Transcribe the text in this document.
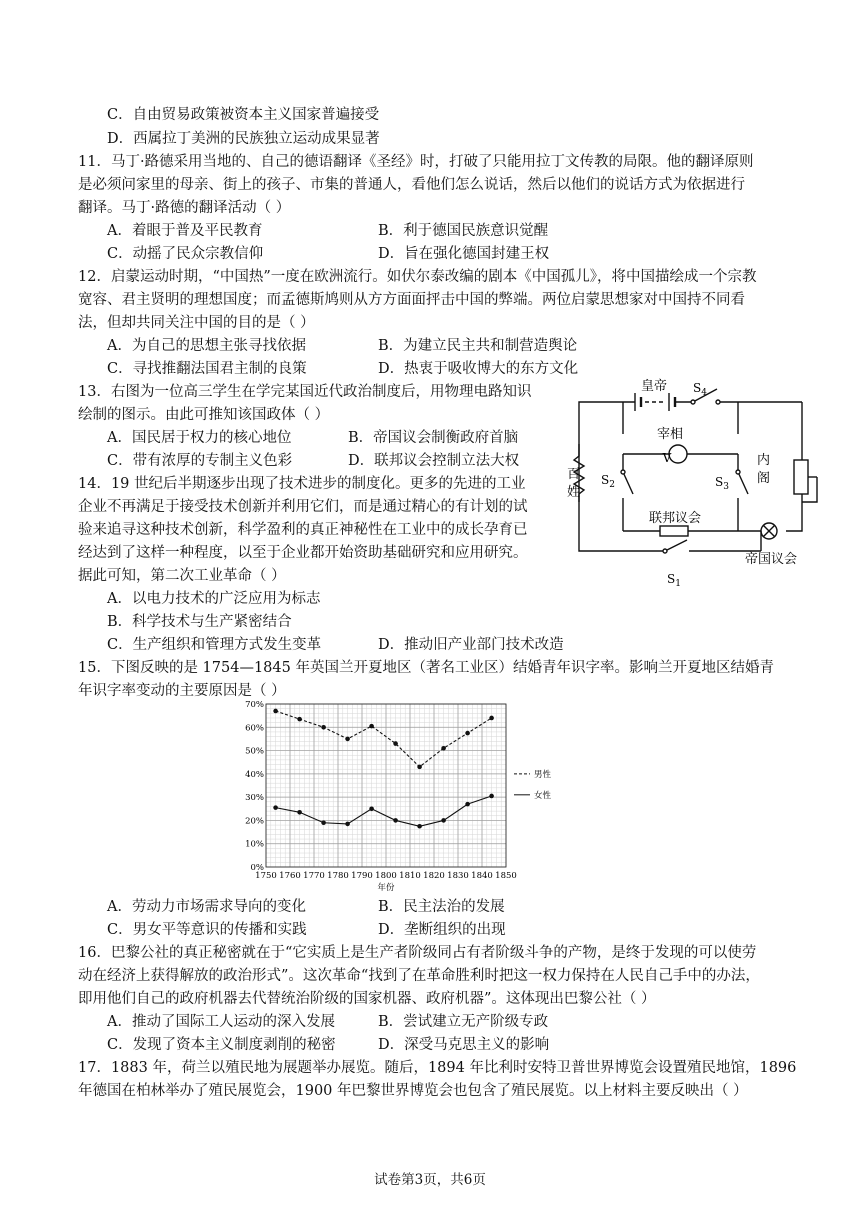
C．自由贸易政策被资本主义国家普遍接受
D．西属拉丁美洲的民族独立运动成果显著
11．马丁·路德采用当地的、自己的德语翻译《圣经》时，打破了只能用拉丁文传教的局限。他的翻译原则
是必须问家里的母亲、街上的孩子、市集的普通人，看他们怎么说话，然后以他们的说话方式为依据进行
翻译。马丁·路德的翻译活动（ ）
A．着眼于普及平民教育	B．利于德国民族意识觉醒
C．动摇了民众宗教信仰	D．旨在强化德国封建王权
12．启蒙运动时期，“中国热”一度在欧洲流行。如伏尔泰改编的剧本《中国孤儿》，将中国描绘成一个宗教
宽容、君主贤明的理想国度；而孟德斯鸠则从方方面面抨击中国的弊端。两位启蒙思想家对中国持不同看
法，但却共同关注中国的目的是（ ）
A．为自己的思想主张寻找依据	B．为建立民主共和制营造舆论
C．寻找推翻法国君主制的良策	D．热衷于吸收博大的东方文化
13．右图为一位高三学生在学完某国近代政治制度后，用物理电路知识
绘制的图示。由此可推知该国政体（ ）
A．国民居于权力的核心地位	B．帝国议会制衡政府首脑
C．带有浓厚的专制主义色彩	D．联邦议会控制立法大权	V
皇帝 $S_4$
宰相
内
阁
百
姓
$S_2$	$S_3$
联邦议会
帝国议会
$S_1$
14．19 世纪后半期逐步出现了技术进步的制度化。更多的先进的工业
企业不再满足于接受技术创新并利用它们，而是通过精心的有计划的试
验来追寻这种技术创新，科学盈利的真正神秘性在工业中的成长孕育已
经达到了这样一种程度，以至于企业都开始资助基础研究和应用研究。
据此可知，第二次工业革命（ ）
A．以电力技术的广泛应用为标志
B．科学技术与生产紧密结合
C．生产组织和管理方式发生变革	D．推动旧产业部门技术改造
15．下图反映的是 1754—1845 年英国兰开夏地区（著名工业区）结婚青年识字率。影响兰开夏地区结婚青
年识字率变动的主要原因是（ ）
1750 1760 1770 1780 1790 1800 1810 1820 1830 1840 1850
0%
10%
20%
30%
40%
50%
60%
70%
年份
男性
女性
A．劳动力市场需求导向的变化	B．民主法治的发展
C．男女平等意识的传播和实践	D．垄断组织的出现
16．巴黎公社的真正秘密就在于“它实质上是生产者阶级同占有者阶级斗争的产物，是终于发现的可以使劳
动在经济上获得解放的政治形式”。这次革命“找到了在革命胜利时把这一权力保持在人民自己手中的办法，
即用他们自己的政府机器去代替统治阶级的国家机器、政府机器”。这体现出巴黎公社（ ）
A．推动了国际工人运动的深入发展	B．尝试建立无产阶级专政
C．发现了资本主义制度剥削的秘密	D．深受马克思主义的影响
17．1883 年，荷兰以殖民地为展题举办展览。随后，1894 年比利时安特卫普世界博览会设置殖民地馆，1896
年德国在柏林举办了殖民展览会，1900 年巴黎世界博览会也包含了殖民展览。以上材料主要反映出（ ）
试卷第3页，共6页
